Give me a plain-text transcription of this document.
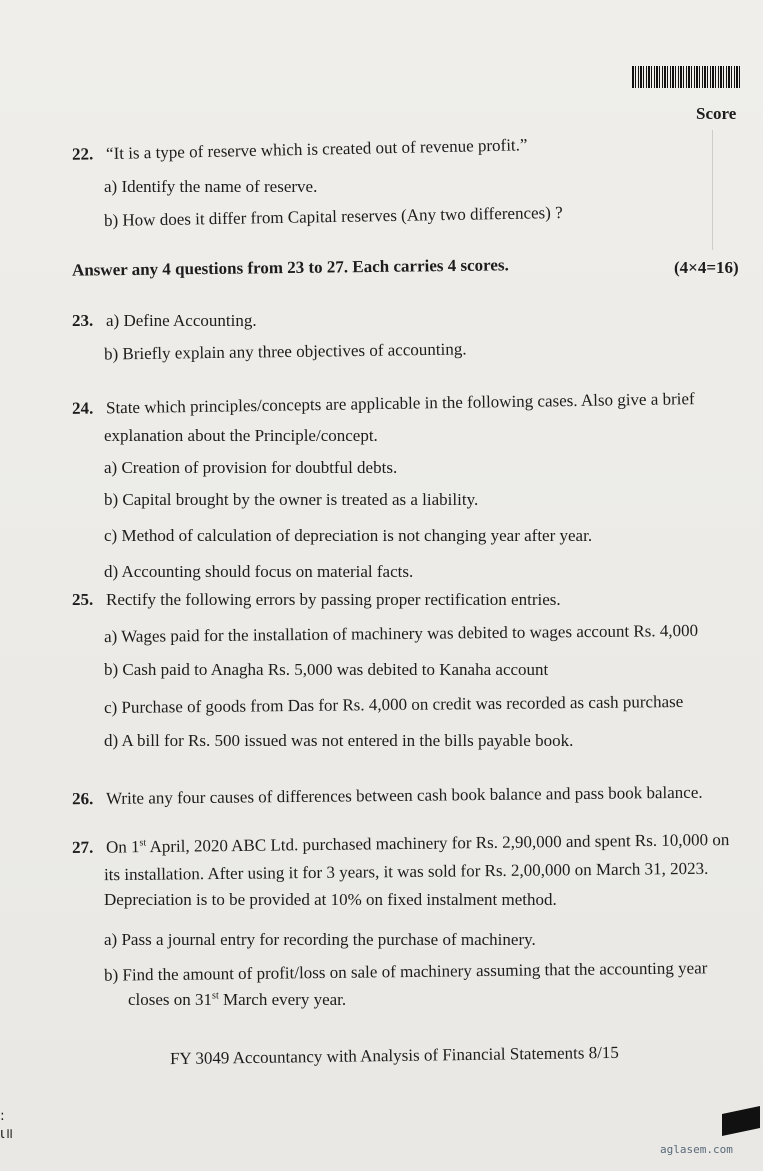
Score
22. “It is a type of reserve which is created out of revenue profit.”
a) Identify the name of reserve.
b) How does it differ from Capital reserves (Any two differences) ?
Answer any 4 questions from 23 to 27. Each carries 4 scores.	(4×4=16)
23. a) Define Accounting.
b) Briefly explain any three objectives of accounting.
24. State which principles/concepts are applicable in the following cases. Also give a brief
explanation about the Principle/concept.
a) Creation of provision for doubtful debts.
b) Capital brought by the owner is treated as a liability.
c) Method of calculation of depreciation is not changing year after year.
d) Accounting should focus on material facts.
25. Rectify the following errors by passing proper rectification entries.
a) Wages paid for the installation of machinery was debited to wages account Rs. 4,000
b) Cash paid to Anagha Rs. 5,000 was debited to Kanaha account
c) Purchase of goods from Das for Rs. 4,000 on credit was recorded as cash purchase
d) A bill for Rs. 500 issued was not entered in the bills payable book.
26. Write any four causes of differences between cash book balance and pass book balance.
27. On 1st April, 2020 ABC Ltd. purchased machinery for Rs. 2,90,000 and spent Rs. 10,000 on
its installation. After using it for 3 years, it was sold for Rs. 2,00,000 on March 31, 2023.
Depreciation is to be provided at 10% on fixed instalment method.
a) Pass a journal entry for recording the purchase of machinery.
b) Find the amount of profit/loss on sale of machinery assuming that the accounting year
closes on 31st March every year.
FY 3049 Accountancy with Analysis of Financial Statements 8/15
:
ɩ॥
aglasem.com
